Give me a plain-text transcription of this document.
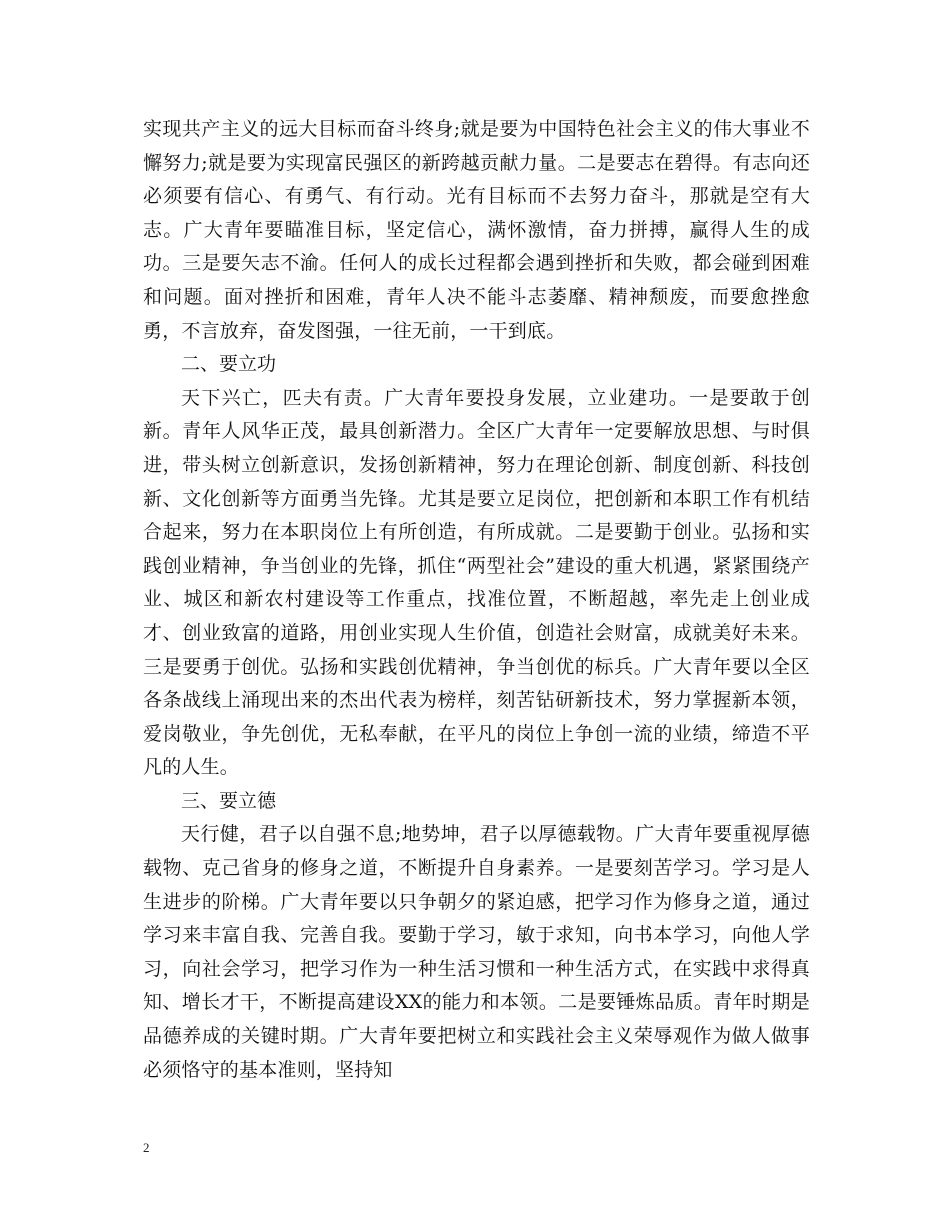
实现共产主义的远大目标而奋斗终身;就是要为中国特色社会主义的伟大事业不懈努力;就是要为实现富民强区的新跨越贡献力量。二是要志在碧得。有志向还必须要有信心、有勇气、有行动。光有目标而不去努力奋斗，那就是空有大志。广大青年要瞄准目标，坚定信心，满怀激情，奋力拼搏，赢得人生的成功。三是要矢志不渝。任何人的成长过程都会遇到挫折和失败，都会碰到困难和问题。面对挫折和困难，青年人决不能斗志萎靡、精神颓废，而要愈挫愈勇，不言放弃，奋发图强，一往无前，一干到底。

二、要立功

天下兴亡，匹夫有责。广大青年要投身发展，立业建功。一是要敢于创新。青年人风华正茂，最具创新潜力。全区广大青年一定要解放思想、与时俱进，带头树立创新意识，发扬创新精神，努力在理论创新、制度创新、科技创新、文化创新等方面勇当先锋。尤其是要立足岗位，把创新和本职工作有机结合起来，努力在本职岗位上有所创造，有所成就。二是要勤于创业。弘扬和实践创业精神，争当创业的先锋，抓住“两型社会”建设的重大机遇，紧紧围绕产业、城区和新农村建设等工作重点，找准位置，不断超越，率先走上创业成才、创业致富的道路，用创业实现人生价值，创造社会财富，成就美好未来。三是要勇于创优。弘扬和实践创优精神，争当创优的标兵。广大青年要以全区各条战线上涌现出来的杰出代表为榜样，刻苦钻研新技术，努力掌握新本领，爱岗敬业，争先创优，无私奉献，在平凡的岗位上争创一流的业绩，缔造不平凡的人生。

三、要立德

天行健，君子以自强不息;地势坤，君子以厚德载物。广大青年要重视厚德载物、克己省身的修身之道，不断提升自身素养。一是要刻苦学习。学习是人生进步的阶梯。广大青年要以只争朝夕的紧迫感，把学习作为修身之道，通过学习来丰富自我、完善自我。要勤于学习，敏于求知，向书本学习，向他人学习，向社会学习，把学习作为一种生活习惯和一种生活方式，在实践中求得真知、增长才干，不断提高建设XX的能力和本领。二是要锤炼品质。青年时期是品德养成的关键时期。广大青年要把树立和实践社会主义荣辱观作为做人做事必须恪守的基本准则，坚持知

2
